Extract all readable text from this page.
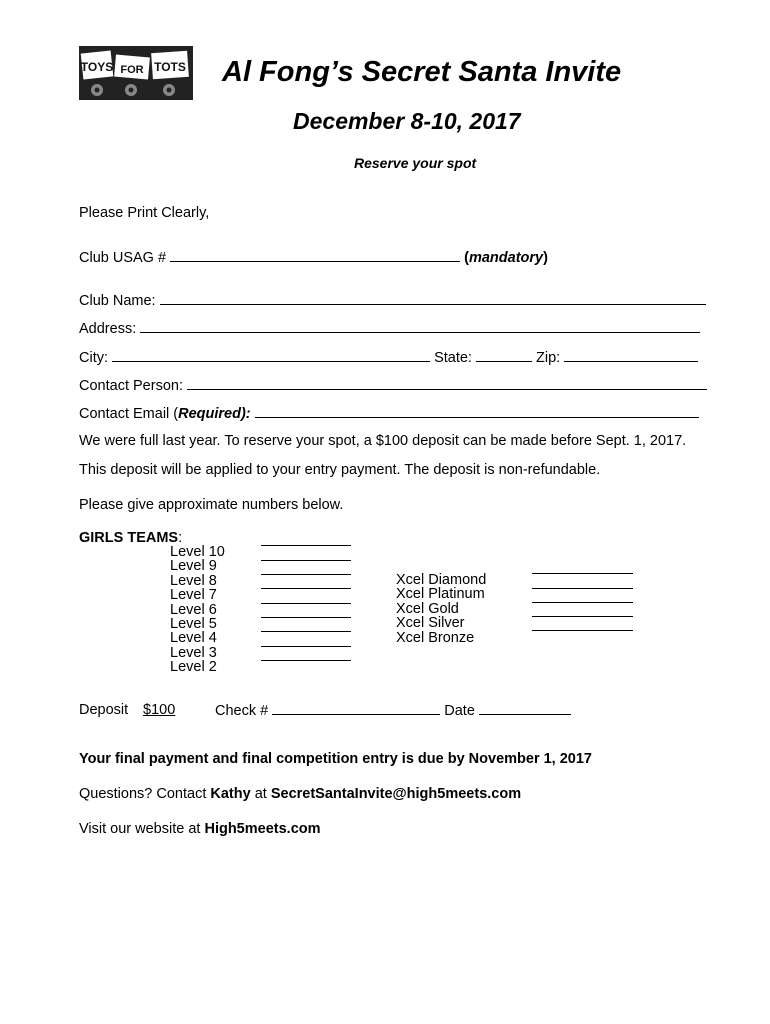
TOYS FOR TOTS Al Fong’s Secret Santa Invite
December 8-10, 2017
Reserve your spot
Please Print Clearly,
Club USAG #	(mandatory)
Club Name:
Address:
City:	State:	Zip:
Contact Person:
Contact Email (Required):
We were full last year. To reserve your spot, a $100 deposit can be made before Sept. 1, 2017.
This deposit will be applied to your entry payment. The deposit is non-refundable.
Please give approximate numbers below.
GIRLS TEAMS:
Level 10
Level 9
Level 8
Level 7
Level 6
Level 5
Level 4
Level 3
Level 2
Xcel Diamond
Xcel Platinum
Xcel Gold
Xcel Silver
Xcel Bronze
Deposit $100	Check #	Date
Your final payment and final competition entry is due by November 1, 2017
Questions? Contact Kathy at SecretSantaInvite@high5meets.com
Visit our website at High5meets.com
